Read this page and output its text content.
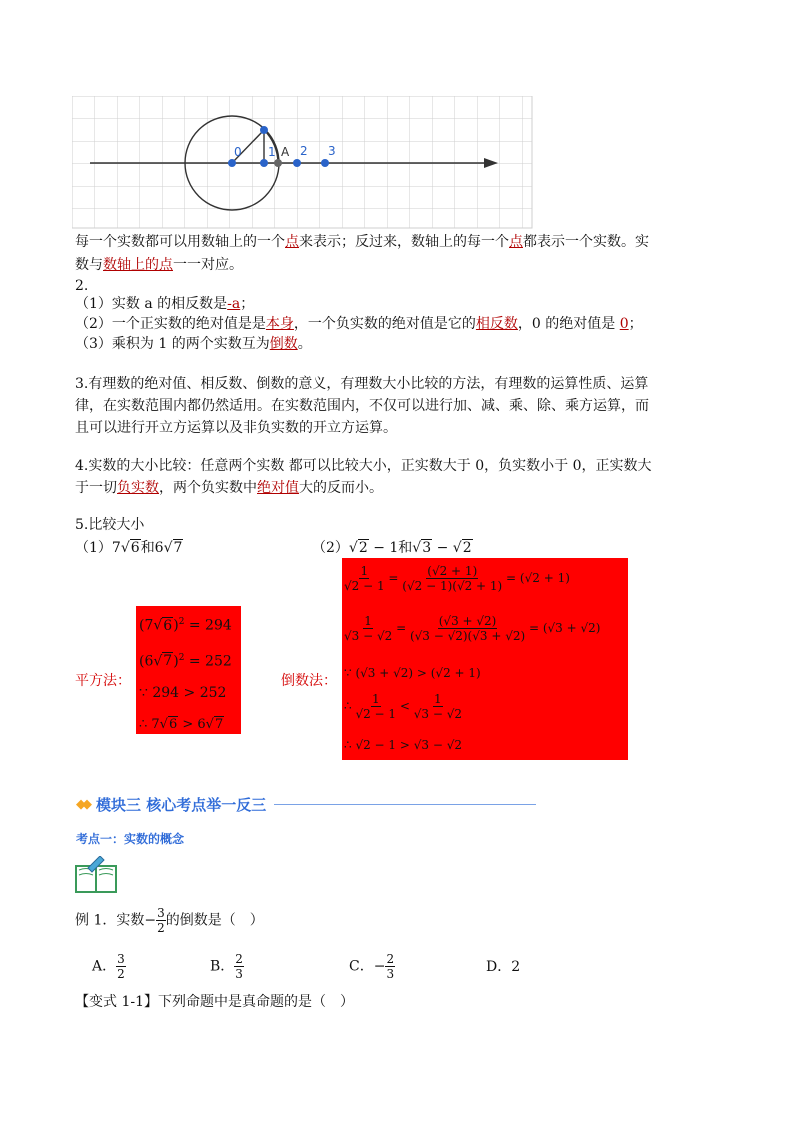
0 1 A 2 3
每一个实数都可以用数轴上的一个点来表示；反过来，数轴上的每一个点都表示一个实数。实
数与数轴上的点一一对应。
2.
（1）实数 a 的相反数是-a；
（2）一个正实数的绝对值是是本身，一个负实数的绝对值是它的相反数，0 的绝对值是 0；
（3）乘积为 1 的两个实数互为倒数。
3.有理数的绝对值、相反数、倒数的意义，有理数大小比较的方法，有理数的运算性质、运算
律，在实数范围内都仍然适用。在实数范围内，不仅可以进行加、减、乘、除、乘方运算，而
且可以进行开立方运算以及非负实数的开立方运算。
4.实数的大小比较：任意两个实数 都可以比较大小，正实数大于 0，负实数小于 0，正实数大
于一切负实数，两个负实数中绝对值大的反而小。
5.比较大小
（1）7√6和6√7	（2）√2 − 1和√3 − √2
平方法：
$(7√6)^2 = 294$
$(6√7)^2 = 252$
∵ 294 > 252
∴ 7√6 > 6√7
倒数法：
$\frac{1}{√2 - 1} = \frac{(√2 + 1)}{(√2 - 1)(√2 + 1)} = (√2 + 1)$
$\frac{1}{√3 - √2} = \frac{(√3 + √2)}{(√3 - √2)(√3 + √2)} = (√3 + √2)$
∵ (√3 + √2) > (√2 + 1)
∴ $\frac{1}{√2 - 1} < \frac{1}{√3 - √2}$
∴ √2 − 1 > √3 − √2
◆◆ 模块三 核心考点举一反三
考点一：实数的概念
例 1．实数− $\frac{3}{2}$ 的倒数是（　）
A． $\frac{3}{2}$	B． $\frac{2}{3}$	C．− $\frac{2}{3}$	D．2
【变式 1-1】下列命题中是真命题的是（　）
